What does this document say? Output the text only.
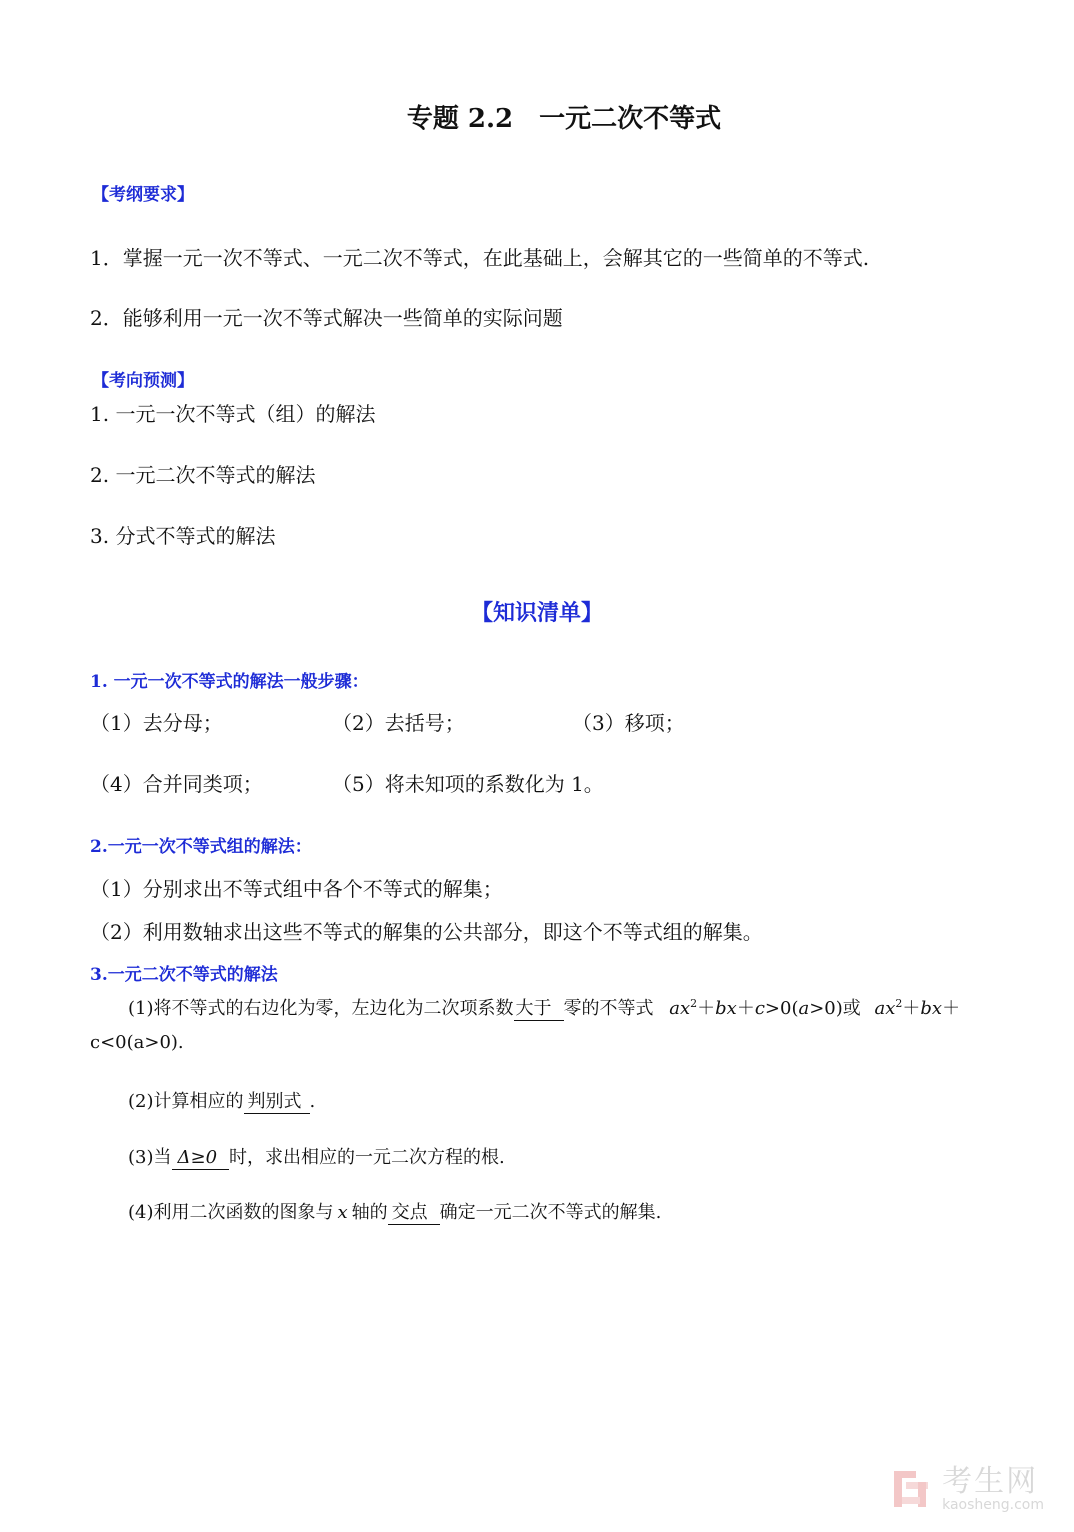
专题 2.2　一元二次不等式
【考纲要求】
1．掌握一元一次不等式、一元二次不等式，在此基础上，会解其它的一些简单的不等式.
2．能够利用一元一次不等式解决一些简单的实际问题
【考向预测】
1. 一元一次不等式（组）的解法
2. 一元二次不等式的解法
3. 分式不等式的解法
【知识清单】
1. 一元一次不等式的解法一般步骤：
（1）去分母；	（2）去括号；	（3）移项；
（4）合并同类项；	（5）将未知项的系数化为 1。
2.一元一次不等式组的解法：
（1）分别求出不等式组中各个不等式的解集；
（2）利用数轴求出这些不等式的解集的公共部分，即这个不等式组的解集。
3.一元二次不等式的解法
(1)将不等式的右边化为零，左边化为二次项系数 大于 零的不等式 $ax^2+bx+c>0(a>0)$或 $ax^2+bx+$
c<0(a>0).
(2)计算相应的 判别式 .
(3)当 Δ≥0 时，求出相应的一元二次方程的根.
(4)利用二次函数的图象与 x 轴的 交点 确定一元二次不等式的解集.
考生网
kaosheng.com
